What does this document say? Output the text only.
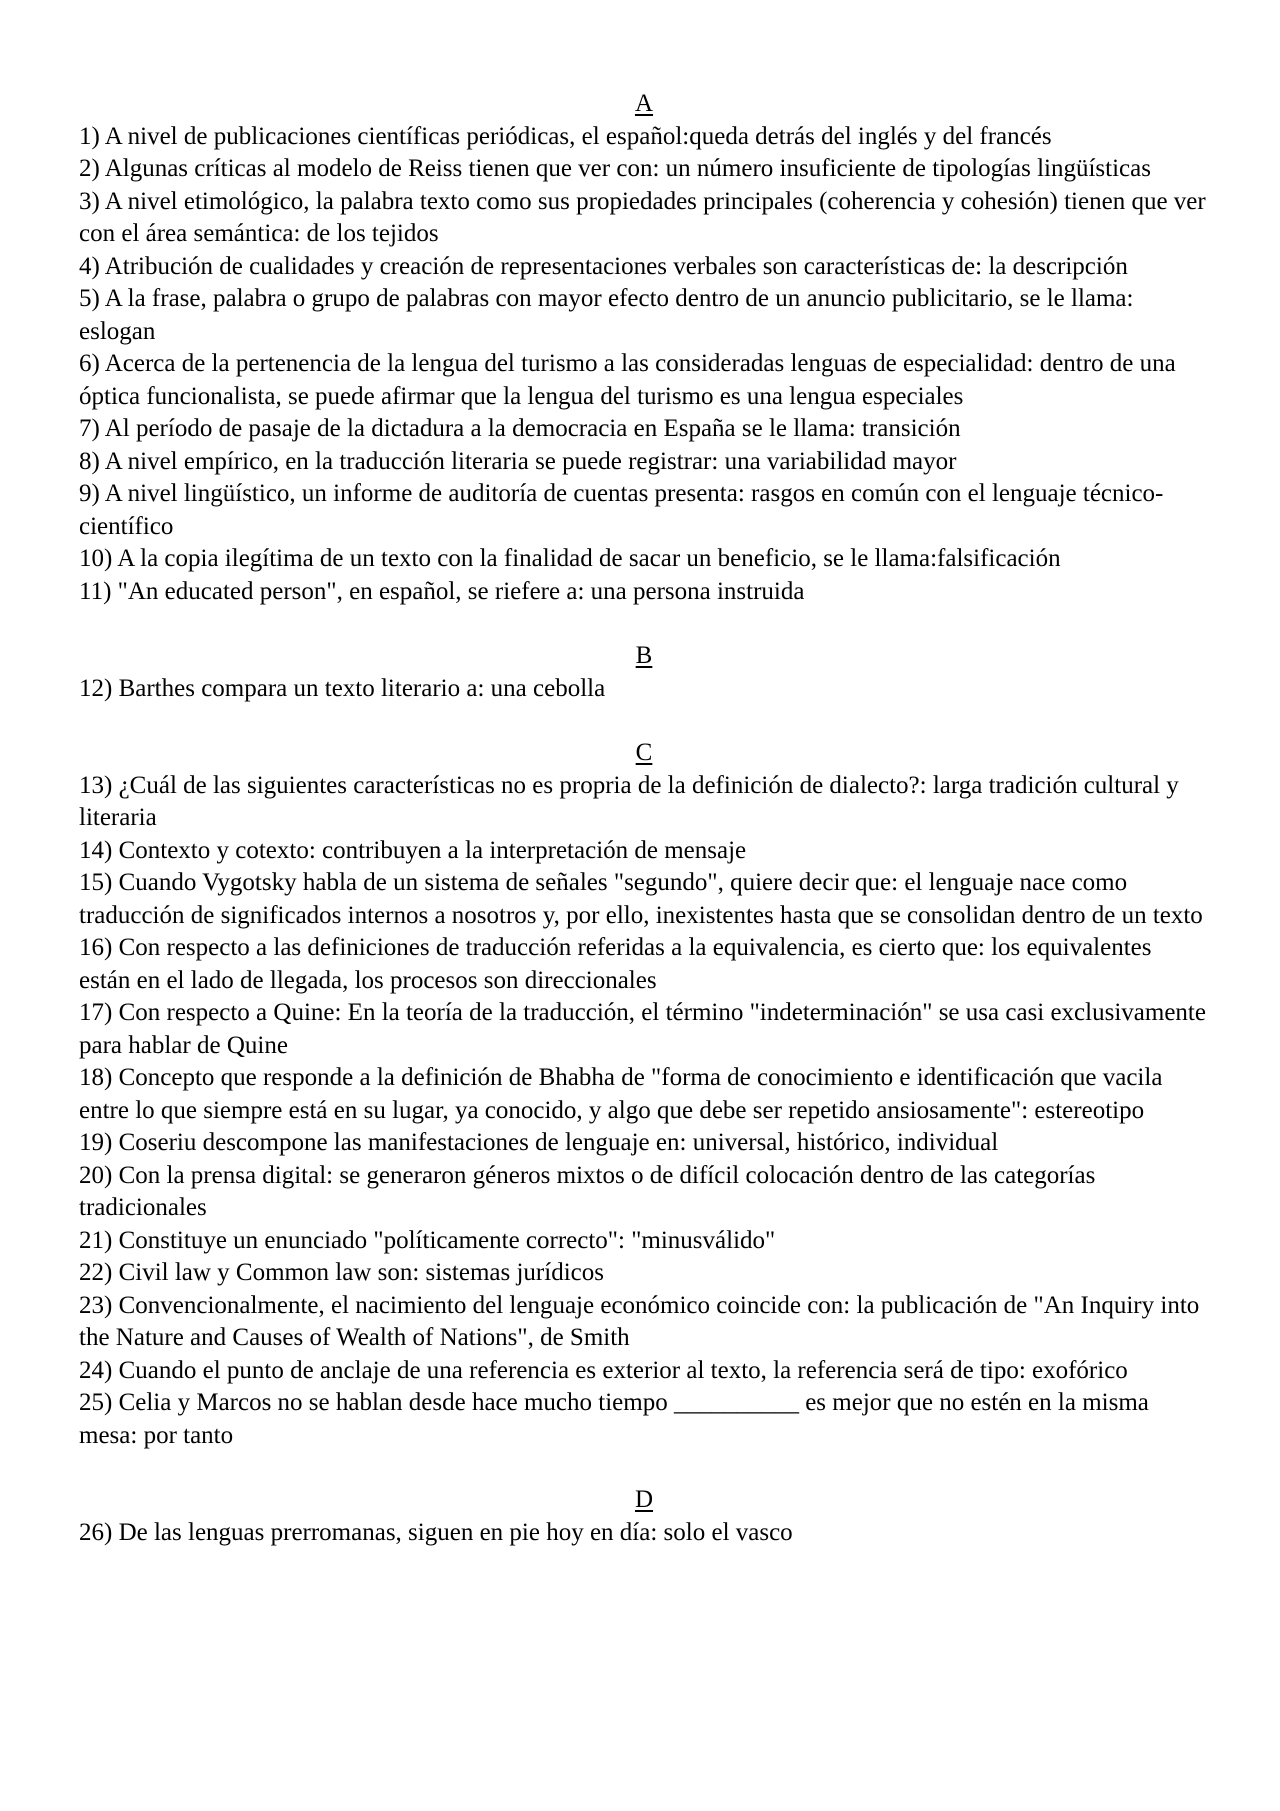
A

1) A nivel de publicaciones científicas periódicas, el español:queda detrás del inglés y del francés

2) Algunas críticas al modelo de Reiss tienen que ver con: un número insuficiente de tipologías lingüísticas

3) A nivel etimológico, la palabra texto como sus propiedades principales (coherencia y cohesión) tienen que ver con el área semántica: de los tejidos

4) Atribución de cualidades y creación de representaciones verbales son características de: la descripción

5) A la frase, palabra o grupo de palabras con mayor efecto dentro de un anuncio publicitario, se le llama: eslogan

6) Acerca de la pertenencia de la lengua del turismo a las consideradas lenguas de especialidad: dentro de una óptica funcionalista, se puede afirmar que la lengua del turismo es una lengua especiales

7) Al período de pasaje de la dictadura a la democracia en España se le llama: transición

8) A nivel empírico, en la traducción literaria se puede registrar: una variabilidad mayor

9) A nivel lingüístico, un informe de auditoría de cuentas presenta: rasgos en común con el lenguaje técnico-científico

10) A la copia ilegítima de un texto con la finalidad de sacar un beneficio, se le llama:falsificación

11) "An educated person", en español, se riefere a: una persona instruida

B

12) Barthes compara un texto literario a: una cebolla

C

13) ¿Cuál de las siguientes características no es propria de la definición de dialecto?: larga tradición cultural y literaria

14) Contexto y cotexto: contribuyen a la interpretación de mensaje

15) Cuando Vygotsky habla de un sistema de señales "segundo", quiere decir que: el lenguaje nace como traducción de significados internos a nosotros y, por ello, inexistentes hasta que se consolidan dentro de un texto

16) Con respecto a las definiciones de traducción referidas a la equivalencia, es cierto que: los equivalentes están en el lado de llegada, los procesos son direccionales

17) Con respecto a Quine: En la teoría de la traducción, el término "indeterminación" se usa casi exclusivamente para hablar de Quine

18) Concepto que responde a la definición de Bhabha de "forma de conocimiento e identificación que vacila entre lo que siempre está en su lugar, ya conocido, y algo que debe ser repetido ansiosamente": estereotipo

19) Coseriu descompone las manifestaciones de lenguaje en: universal, histórico, individual

20) Con la prensa digital: se generaron géneros mixtos o de difícil colocación dentro de las categorías tradicionales

21) Constituye un enunciado "políticamente correcto": "minusválido"

22) Civil law y Common law son: sistemas jurídicos

23) Convencionalmente, el nacimiento del lenguaje económico coincide con: la publicación de "An Inquiry into the Nature and Causes of Wealth of Nations", de Smith

24) Cuando el punto de anclaje de una referencia es exterior al texto, la referencia será de tipo: exofórico

25) Celia y Marcos no se hablan desde hace mucho tiempo __________ es mejor que no estén en la misma mesa: por tanto

D

26) De las lenguas prerromanas, siguen en pie hoy en día: solo el vasco
